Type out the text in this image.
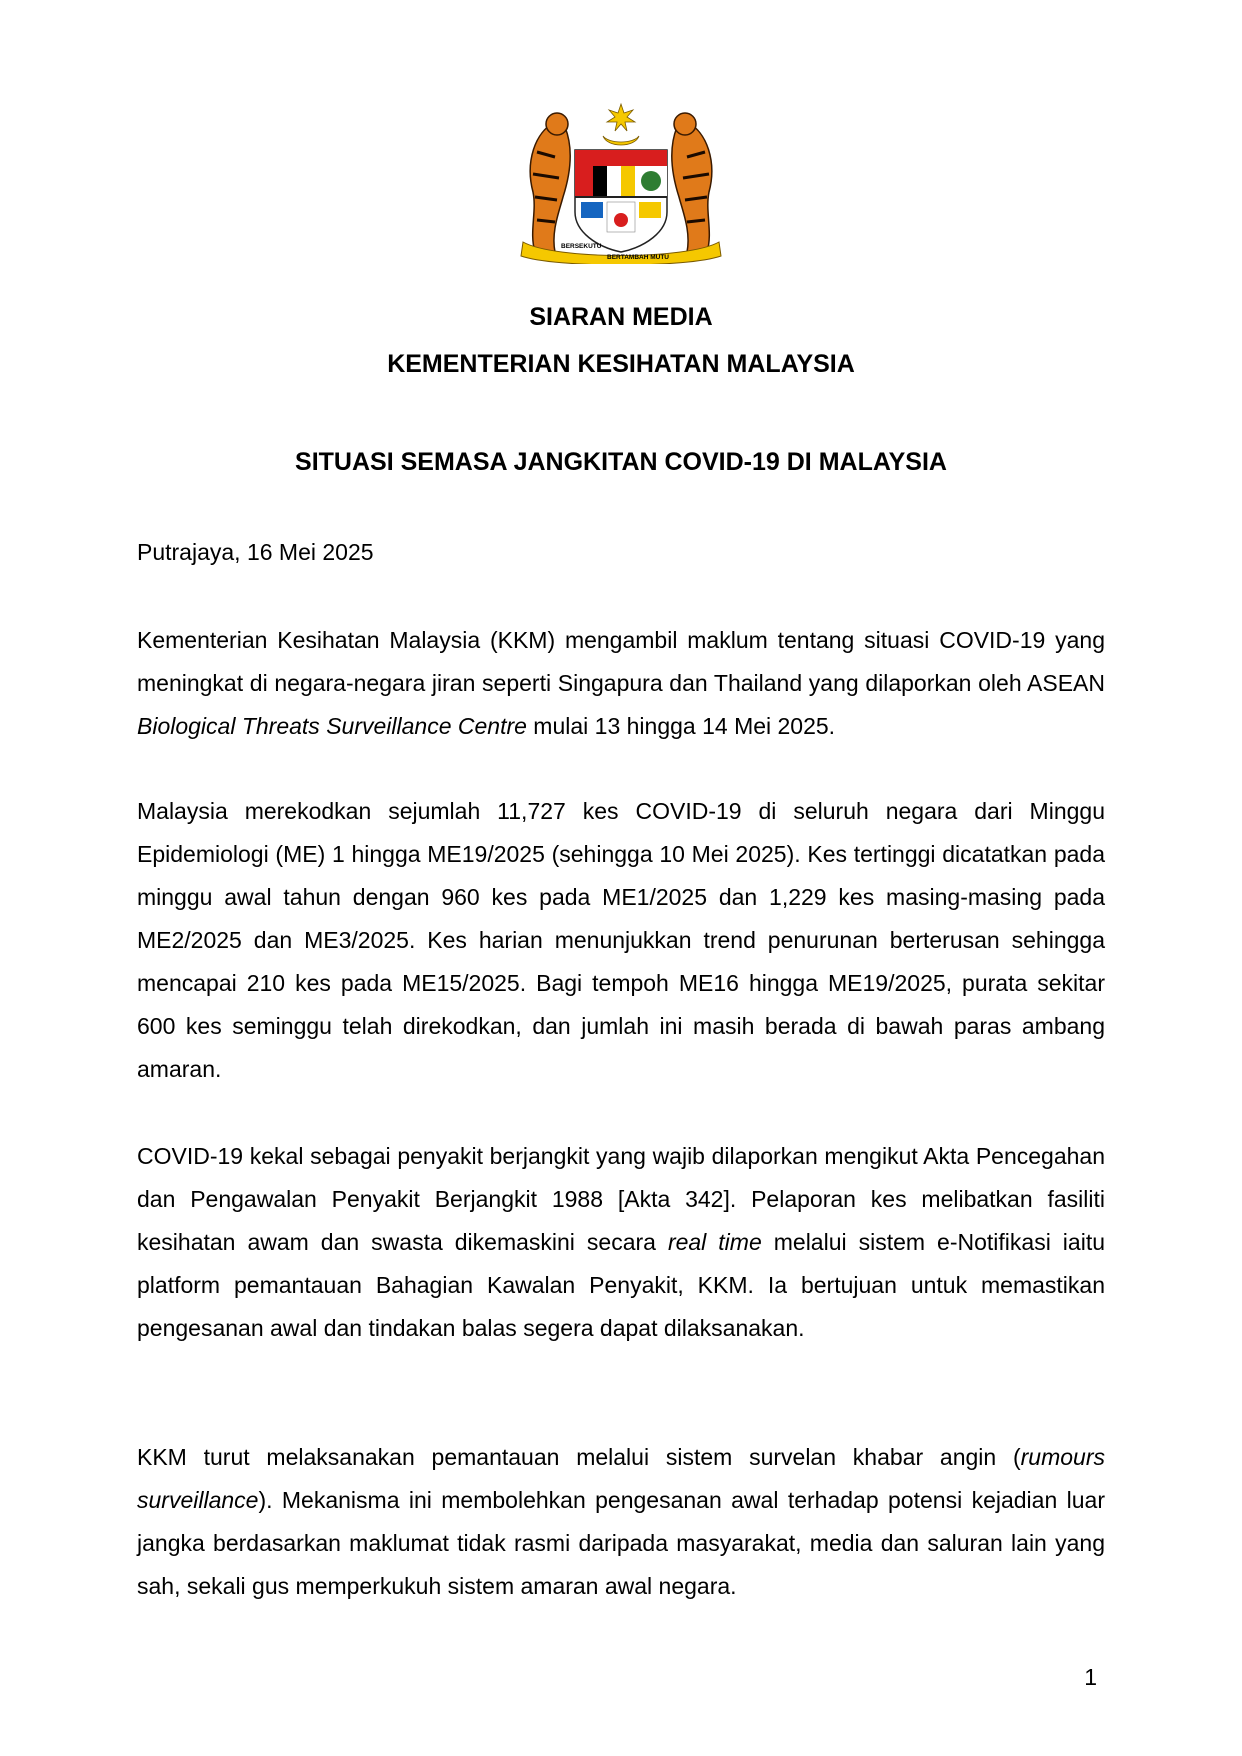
BERSEKUTU
BERTAMBAH MUTU

SIARAN MEDIA

KEMENTERIAN KESIHATAN MALAYSIA

SITUASI SEMASA JANGKITAN COVID-19 DI MALAYSIA

Putrajaya, 16 Mei 2025

Kementerian Kesihatan Malaysia (KKM) mengambil maklum tentang situasi COVID-19 yang meningkat di negara-negara jiran seperti Singapura dan Thailand yang dilaporkan oleh ASEAN Biological Threats Surveillance Centre mulai 13 hingga 14 Mei 2025.

Malaysia merekodkan sejumlah 11,727 kes COVID-19 di seluruh negara dari Minggu Epidemiologi (ME) 1 hingga ME19/2025 (sehingga 10 Mei 2025). Kes tertinggi dicatatkan pada minggu awal tahun dengan 960 kes pada ME1/2025 dan 1,229 kes masing-masing pada ME2/2025 dan ME3/2025. Kes harian menunjukkan trend penurunan berterusan sehingga mencapai 210 kes pada ME15/2025. Bagi tempoh ME16 hingga ME19/2025, purata sekitar 600 kes seminggu telah direkodkan, dan jumlah ini masih berada di bawah paras ambang amaran.

COVID-19 kekal sebagai penyakit berjangkit yang wajib dilaporkan mengikut Akta Pencegahan dan Pengawalan Penyakit Berjangkit 1988 [Akta 342]. Pelaporan kes melibatkan fasiliti kesihatan awam dan swasta dikemaskini secara real time melalui sistem e-Notifikasi iaitu platform pemantauan Bahagian Kawalan Penyakit, KKM. Ia bertujuan untuk memastikan pengesanan awal dan tindakan balas segera dapat dilaksanakan.

KKM turut melaksanakan pemantauan melalui sistem survelan khabar angin (rumours surveillance). Mekanisma ini membolehkan pengesanan awal terhadap potensi kejadian luar jangka berdasarkan maklumat tidak rasmi daripada masyarakat, media dan saluran lain yang sah, sekali gus memperkukuh sistem amaran awal negara.

1
